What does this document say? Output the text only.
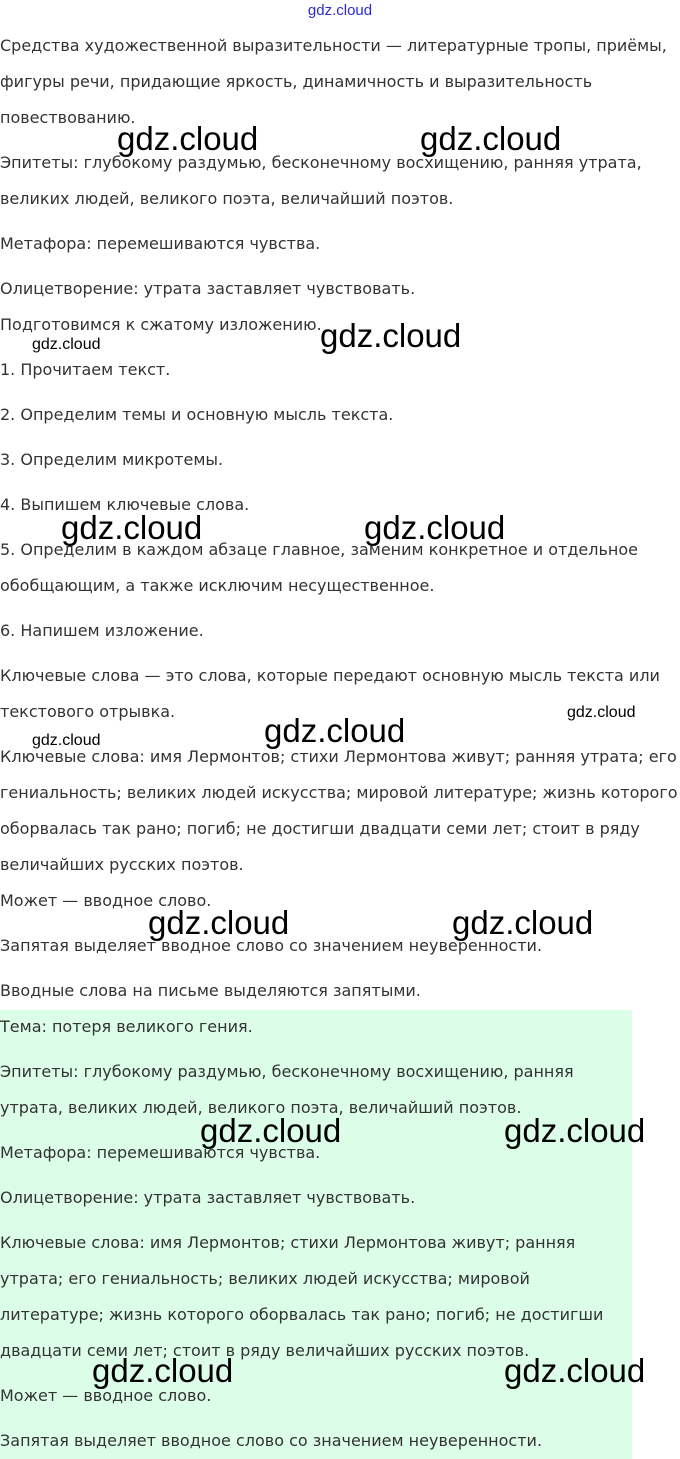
gdz.cloud

Средства художественной выразительности — литературные тропы, приёмы,
фигуры речи, придающие яркость, динамичность и выразительность
повествованию.

Эпитеты: глубокому раздумью, бесконечному восхищению, ранняя утрата,
великих людей, великого поэта, величайший поэтов.

Метафора: перемешиваются чувства.

Олицетворение: утрата заставляет чувствовать.

Подготовимся к сжатому изложению.

1. Прочитаем текст.

2. Определим темы и основную мысль текста.

3. Определим микротемы.

4. Выпишем ключевые слова.

5. Определим в каждом абзаце главное, заменим конкретное и отдельное
обобщающим, а также исключим несущественное.

6. Напишем изложение.

Ключевые слова — это слова, которые передают основную мысль текста или
текстового отрывка.

Ключевые слова: имя Лермонтов; стихи Лермонтова живут; ранняя утрата; его
гениальность; великих людей искусства; мировой литературе; жизнь которого
оборвалась так рано; погиб; не достигши двадцати семи лет; стоит в ряду
величайших русских поэтов.

Может — вводное слово.

Запятая выделяет вводное слово со значением неуверенности.

Вводные слова на письме выделяются запятыми.

Тема: потеря великого гения.

Эпитеты: глубокому раздумью, бесконечному восхищению, ранняя
утрата, великих людей, великого поэта, величайший поэтов.

Метафора: перемешиваются чувства.

Олицетворение: утрата заставляет чувствовать.

Ключевые слова: имя Лермонтов; стихи Лермонтова живут; ранняя
утрата; его гениальность; великих людей искусства; мировой
литературе; жизнь которого оборвалась так рано; погиб; не достигши
двадцати семи лет; стоит в ряду величайших русских поэтов.

Может — вводное слово.

Запятая выделяет вводное слово со значением неуверенности.

gdz.cloud	gdz.cloud
gdz.cloud
gdz.cloud
gdz.cloud	gdz.cloud
gdz.cloud	gdz.cloud
gdz.cloud
gdz.cloud	gdz.cloud
gdz.cloud	gdz.cloud
gdz.cloud	gdz.cloud
